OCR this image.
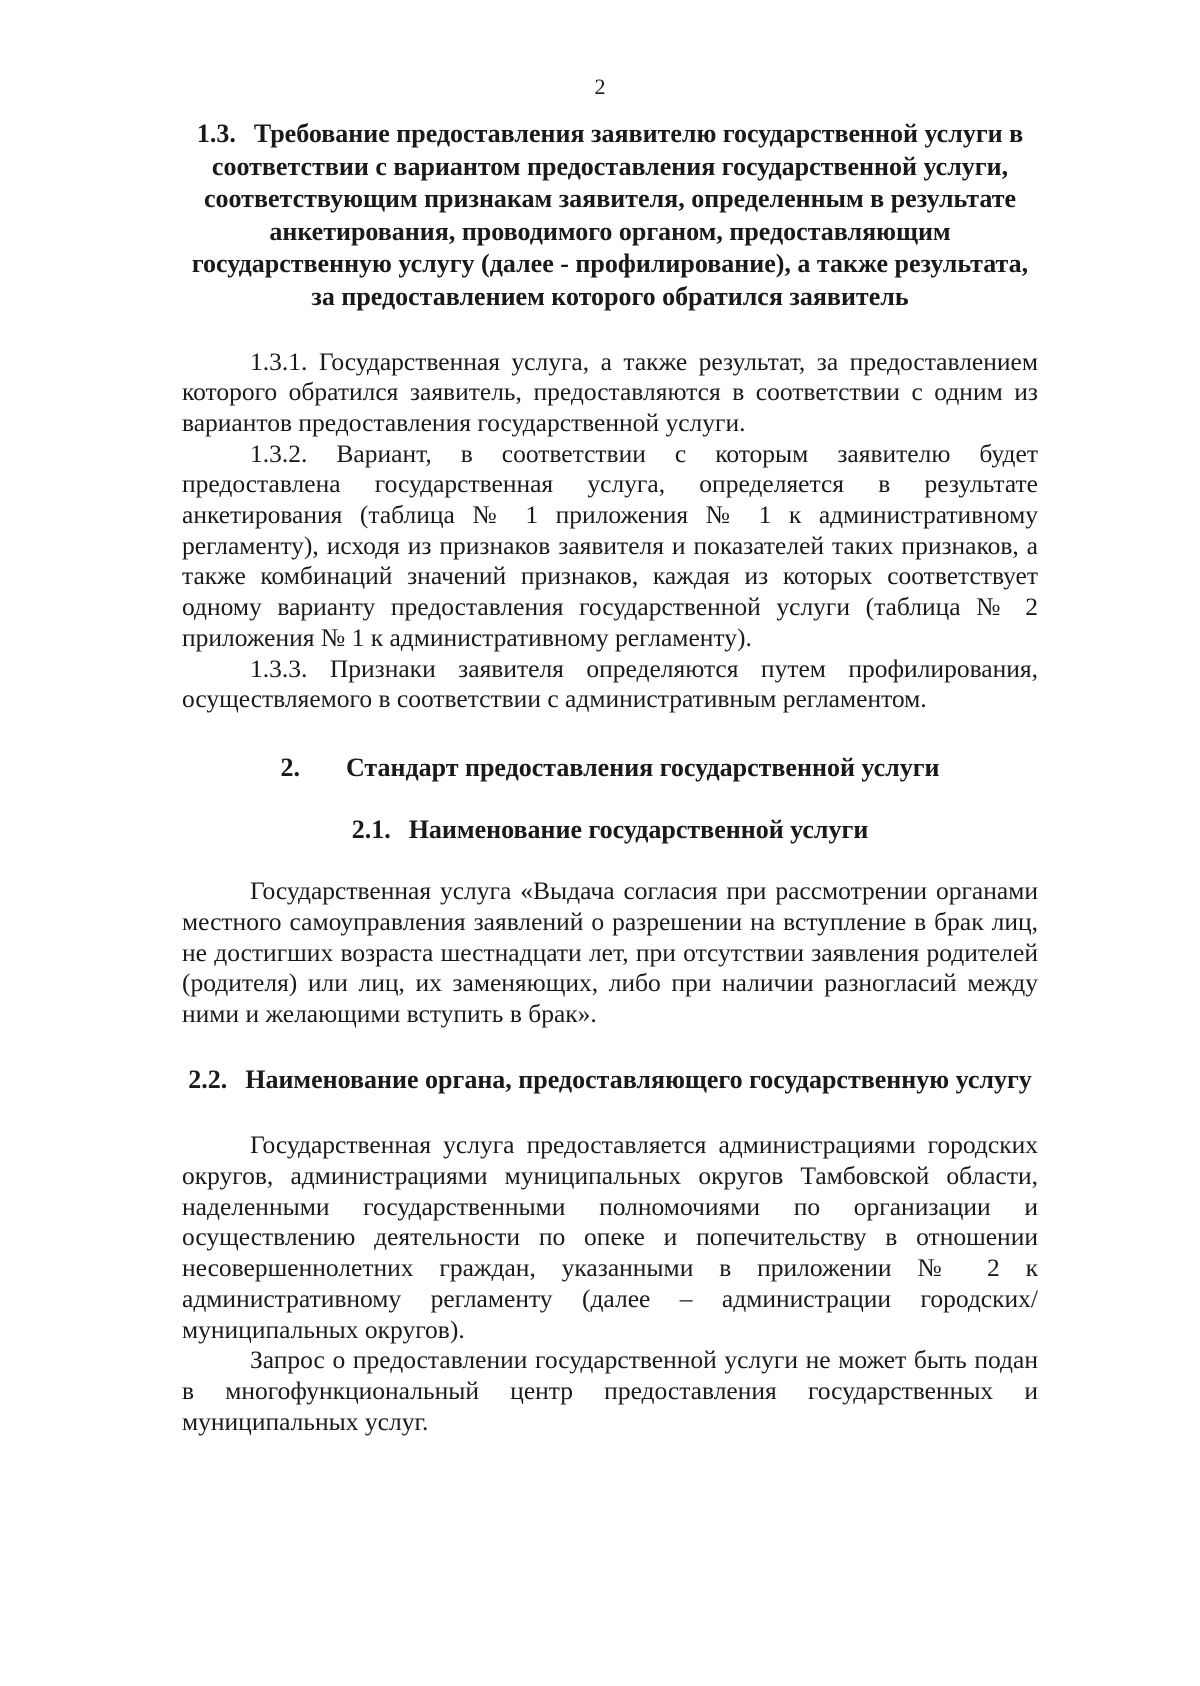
2
1.3. Требование предоставления заявителю государственной услуги в соответствии с вариантом предоставления государственной услуги, соответствующим признакам заявителя, определенным в результате анкетирования, проводимого органом, предоставляющим государственную услугу (далее - профилирование), а также результата, за предоставлением которого обратился заявитель

1.3.1. Государственная услуга, а также результат, за предоставлением которого обратился заявитель, предоставляются в соответствии с одним из вариантов предоставления государственной услуги.

1.3.2. Вариант, в соответствии с которым заявителю будет предоставлена государственная услуга, определяется в результате анкетирования (таблица № 1 приложения № 1 к административному регламенту), исходя из признаков заявителя и показателей таких признаков, а также комбинаций значений признаков, каждая из которых соответствует одному варианту предоставления государственной услуги (таблица № 2 приложения № 1 к административному регламенту).

1.3.3. Признаки заявителя определяются путем профилирования, осуществляемого в соответствии с административным регламентом.

2. Стандарт предоставления государственной услуги
2.1. Наименование государственной услуги

Государственная услуга «Выдача согласия при рассмотрении органами местного самоуправления заявлений о разрешении на вступление в брак лиц, не достигших возраста шестнадцати лет, при отсутствии заявления родителей (родителя) или лиц, их заменяющих, либо при наличии разногласий между ними и желающими вступить в брак».

2.2. Наименование органа, предоставляющего государственную услугу

Государственная услуга предоставляется администрациями городских округов, администрациями муниципальных округов Тамбовской области, наделенными государственными полномочиями по организации и осуществлению деятельности по опеке и попечительству в отношении несовершеннолетних граждан, указанными в приложении № 2 к административному регламенту (далее – администрации городских/муниципальных округов).

Запрос о предоставлении государственной услуги не может быть подан в многофункциональный центр предоставления государственных и муниципальных услуг.
